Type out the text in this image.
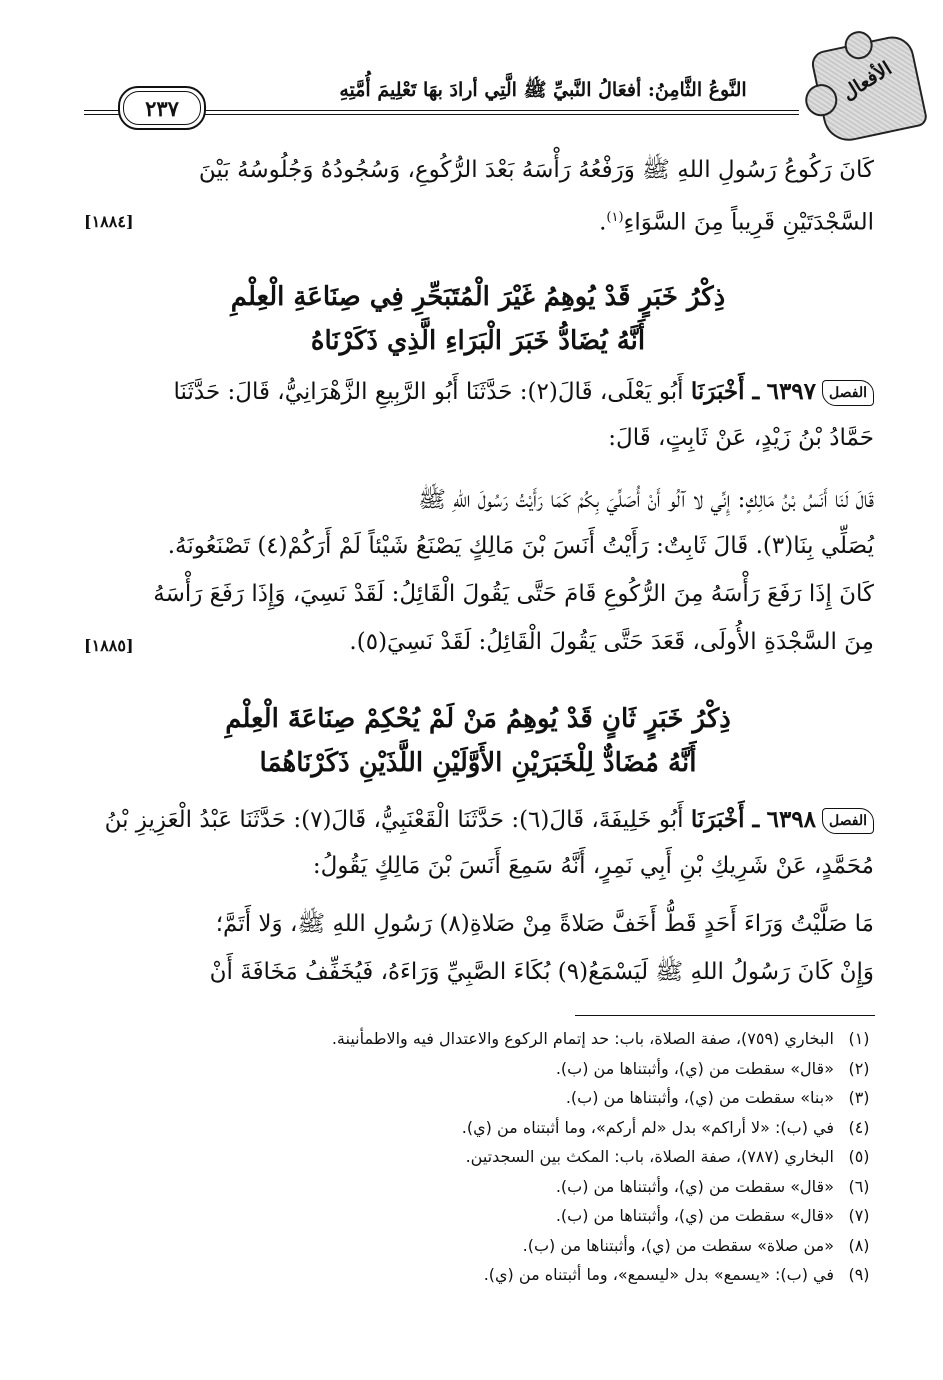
الأفعال
النَّوعُ الثَّامِنُ: أفعَالُ النَّبيِّ ﷺ الَّتِي أرادَ بهَا تَعْلِيمَ أُمَّتِهِ
٢٣٧
كَانَ رَكُوعُ رَسُولِ اللهِ ﷺ وَرَفْعُهُ رَأْسَهُ بَعْدَ الرُّكُوعِ، وَسُجُودُهُ وَجُلُوسُهُ بَيْنَ
السَّجْدَتَيْنِ قَرِيباً مِنَ السَّوَاءِ$^{(١)}$.
[١٨٨٤]
ذِكْرُ خَبَرٍ قَدْ يُوهِمُ غَيْرَ الْمُتَبَحِّرِ فِي صِنَاعَةِ الْعِلْمِ
أَنَّهُ يُضَادُّ خَبَرَ الْبَرَاءِ الَّذِي ذَكَرْنَاهُ
الفصل٦٣٩٧ ـ أَخْبَرَنَا أَبُو يَعْلَى، قَالَ(٢): حَدَّثَنَا أَبُو الرَّبِيعِ الزَّهْرَانِيُّ، قَالَ: حَدَّثَنَا
حَمَّادُ بْنُ زَيْدٍ، عَنْ ثَابِتٍ، قَالَ:
قَالَ لَنَا أَنَسُ بْنُ مَالِكٍ: إِنِّي لا آلُو أَنْ أُصَلِّيَ بِكُمْ كَمَا رَأَيْتُ رَسُولَ اللهِ ﷺ
يُصَلِّي بِنَا(٣). قَالَ ثَابِتٌ: رَأَيْتُ أَنَسَ بْنَ مَالِكٍ يَصْنَعُ شَيْئاً لَمْ أَرَكُمْ(٤) تَصْنَعُونَهُ.
كَانَ إِذَا رَفَعَ رَأْسَهُ مِنَ الرُّكُوعِ قَامَ حَتَّى يَقُولَ الْقَائِلُ: لَقَدْ نَسِيَ، وَإِذَا رَفَعَ رَأْسَهُ
مِنَ السَّجْدَةِ الأُولَى، قَعَدَ حَتَّى يَقُولَ الْقَائِلُ: لَقَدْ نَسِيَ(٥).
[١٨٨٥]
ذِكْرُ خَبَرٍ ثَانٍ قَدْ يُوهِمُ مَنْ لَمْ يُحْكِمْ صِنَاعَةَ الْعِلْمِ
أَنَّهُ مُضَادٌّ لِلْخَبَرَيْنِ الأَوَّلَيْنِ اللَّذَيْنِ ذَكَرْنَاهُمَا
الفصل٦٣٩٨ ـ أَخْبَرَنَا أَبُو خَلِيفَةَ، قَالَ(٦): حَدَّثَنَا الْقَعْنَبِيُّ، قَالَ(٧): حَدَّثَنَا عَبْدُ الْعَزِيزِ بْنُ
مُحَمَّدٍ، عَنْ شَرِيكِ بْنِ أَبِي نَمِرٍ، أَنَّهُ سَمِعَ أَنَسَ بْنَ مَالِكٍ يَقُولُ:
مَا صَلَّيْتُ وَرَاءَ أَحَدٍ قَطُّ أَخَفَّ صَلاةً مِنْ صَلاةِ(٨) رَسُولِ اللهِ ﷺ، وَلا أَتَمَّ؛
وَإِنْ كَانَ رَسُولُ اللهِ ﷺ لَيَسْمَعُ(٩) بُكَاءَ الصَّبِيِّ وَرَاءَهُ، فَيُخَفِّفُ مَخَافَةَ أَنْ
(١)
البخاري (٧٥٩)، صفة الصلاة، باب: حد إتمام الركوع والاعتدال فيه والاطمأنينة.
(٢)
«قال» سقطت من (ي)، وأثبتناها من (ب).
(٣)
«بنا» سقطت من (ي)، وأثبتناها من (ب).
(٤)
في (ب): «لا أراكم» بدل «لم أركم»، وما أثبتناه من (ي).
(٥)
البخاري (٧٨٧)، صفة الصلاة، باب: المكث بين السجدتين.
(٦)
«قال» سقطت من (ي)، وأثبتناها من (ب).
(٧)
«قال» سقطت من (ي)، وأثبتناها من (ب).
(٨)
«من صلاة» سقطت من (ي)، وأثبتناها من (ب).
(٩)
في (ب): «يسمع» بدل «ليسمع»، وما أثبتناه من (ي).
